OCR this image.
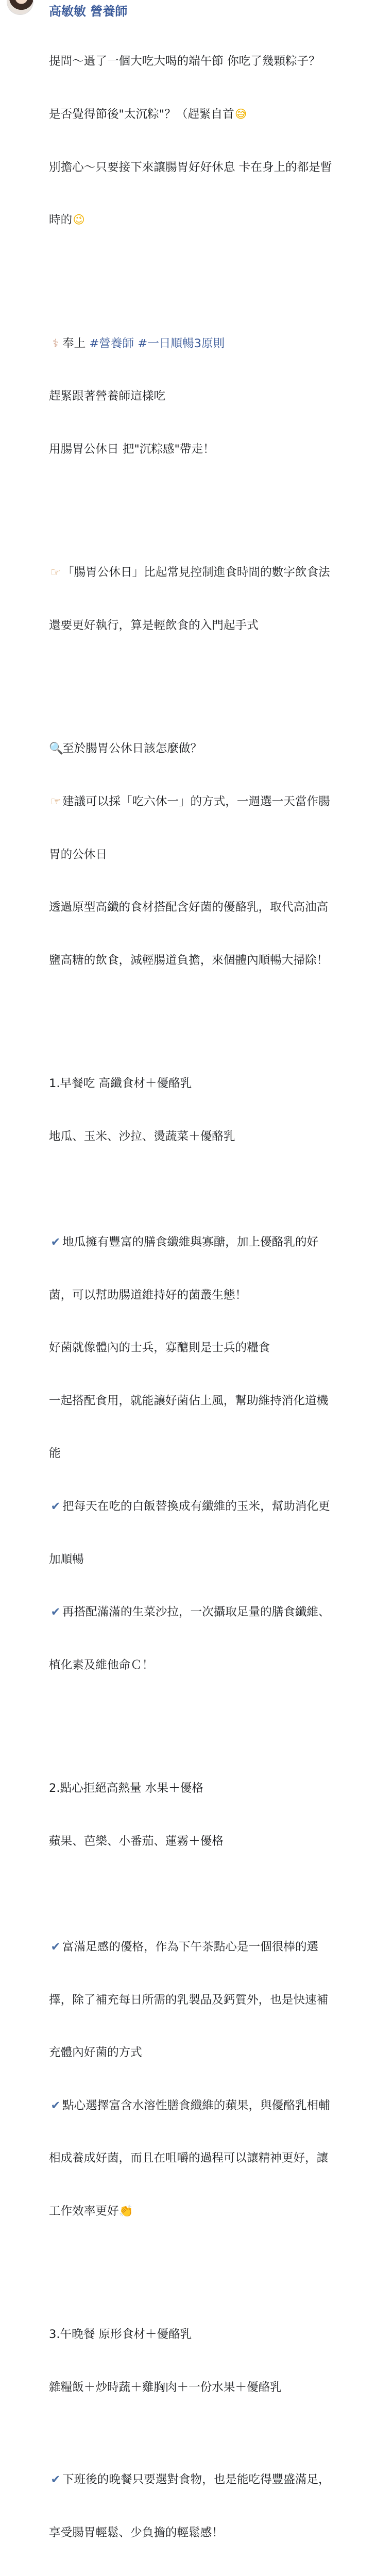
高敏敏 營養師

提問～過了一個大吃大喝的端午節 你吃了幾顆粽子？

是否覺得節後"太沉粽"？（趕緊自首😅

別擔心～只要接下來讓腸胃好好休息 卡在身上的都是暫

時的😉

⚕ 奉上 #營養師 #一日順暢3原則

趕緊跟著營養師這樣吃

用腸胃公休日 把"沉粽感"帶走！

☞ 「腸胃公休日」比起常見控制進食時間的數字飲食法

還要更好執行，算是輕飲食的入門起手式

🔍至於腸胃公休日該怎麼做？

☞ 建議可以採「吃六休一」的方式，一週選一天當作腸

胃的公休日

透過原型高纖的食材搭配含好菌的優酪乳，取代高油高

鹽高糖的飲食，減輕腸道負擔，來個體內順暢大掃除！

1.早餐吃 高纖食材＋優酪乳

地瓜、玉米、沙拉、燙蔬菜＋優酪乳

✔ 地瓜擁有豐富的膳食纖維與寡醣，加上優酪乳的好

菌，可以幫助腸道維持好的菌叢生態！

好菌就像體內的士兵，寡醣則是士兵的糧食

一起搭配食用，就能讓好菌佔上風，幫助維持消化道機

能

✔ 把每天在吃的白飯替換成有纖維的玉米，幫助消化更

加順暢

✔ 再搭配滿滿的生菜沙拉，一次攝取足量的膳食纖維、

植化素及維他命Ｃ！

2.點心拒絕高熱量 水果＋優格

蘋果、芭樂、小番茄、蓮霧＋優格

✔ 富滿足感的優格，作為下午茶點心是一個很棒的選

擇，除了補充每日所需的乳製品及鈣質外，也是快速補

充體內好菌的方式

✔ 點心選擇富含水溶性膳食纖維的蘋果，與優酪乳相輔

相成養成好菌，而且在咀嚼的過程可以讓精神更好，讓

工作效率更好👏

3.午晚餐 原形食材＋優酪乳

雜糧飯＋炒時蔬＋雞胸肉＋一份水果＋優酪乳

✔ 下班後的晚餐只要選對食物，也是能吃得豐盛滿足，

享受腸胃輕鬆、少負擔的輕鬆感！
